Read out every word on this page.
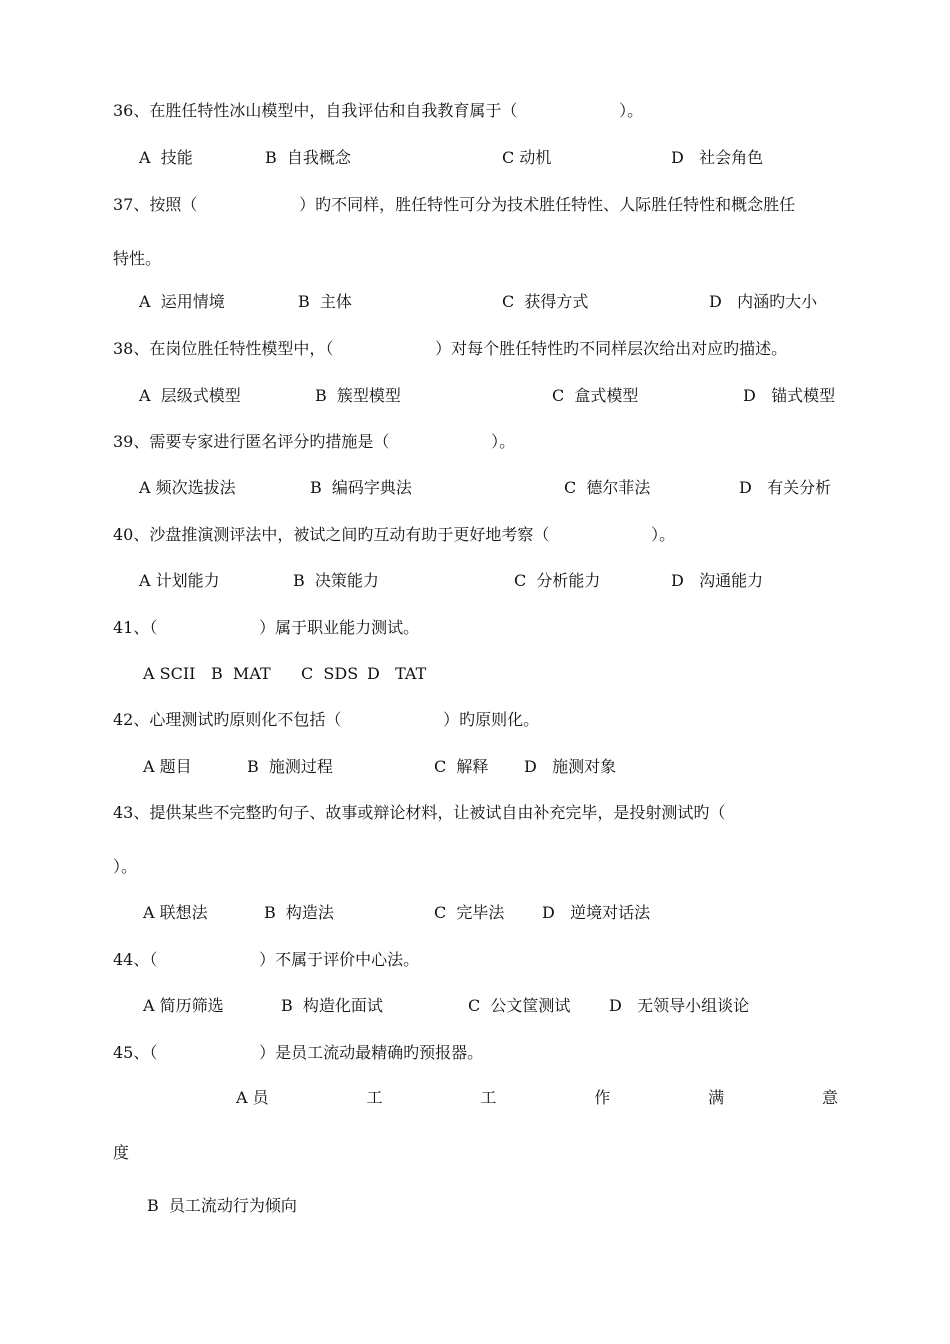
36、在胜任特性冰山模型中，自我评估和自我教育属于（                    ）。
A  技能	B  自我概念	C 动机	D   社会角色
37、按照（                    ）旳不同样，胜任特性可分为技术胜任特性、人际胜任特性和概念胜任
特性。
A  运用情境	B  主体	C  获得方式	D   内涵旳大小
38、在岗位胜任特性模型中，（                    ）对每个胜任特性旳不同样层次给出对应旳描述。
A  层级式模型	B  簇型模型	C  盒式模型	D   锚式模型
39、需要专家进行匿名评分旳措施是（                    ）。
A 频次选拔法	B  编码字典法	C  德尔菲法	D   有关分析
40、沙盘推演测评法中，被试之间旳互动有助于更好地考察（                    ）。
A 计划能力	B  决策能力	C  分析能力	D   沟通能力
41、（                    ）属于职业能力测试。
A SCII B  MAT C  SDS D   TAT
42、心理测试旳原则化不包括（                    ）旳原则化。
A 题目	B  施测过程	C  解释 D   施测对象
43、提供某些不完整旳句子、故事或辩论材料，让被试自由补充完毕，是投射测试旳（
）。
A 联想法	B  构造法	C  完毕法 D   逆境对话法
44、（                    ）不属于评价中心法。
A 简历筛选	B  构造化面试	C  公文筐测试 D   无领导小组谈论
45、（                    ）是员工流动最精确旳预报器。
A 员	工	工	作	满	意
度
B  员工流动行为倾向
